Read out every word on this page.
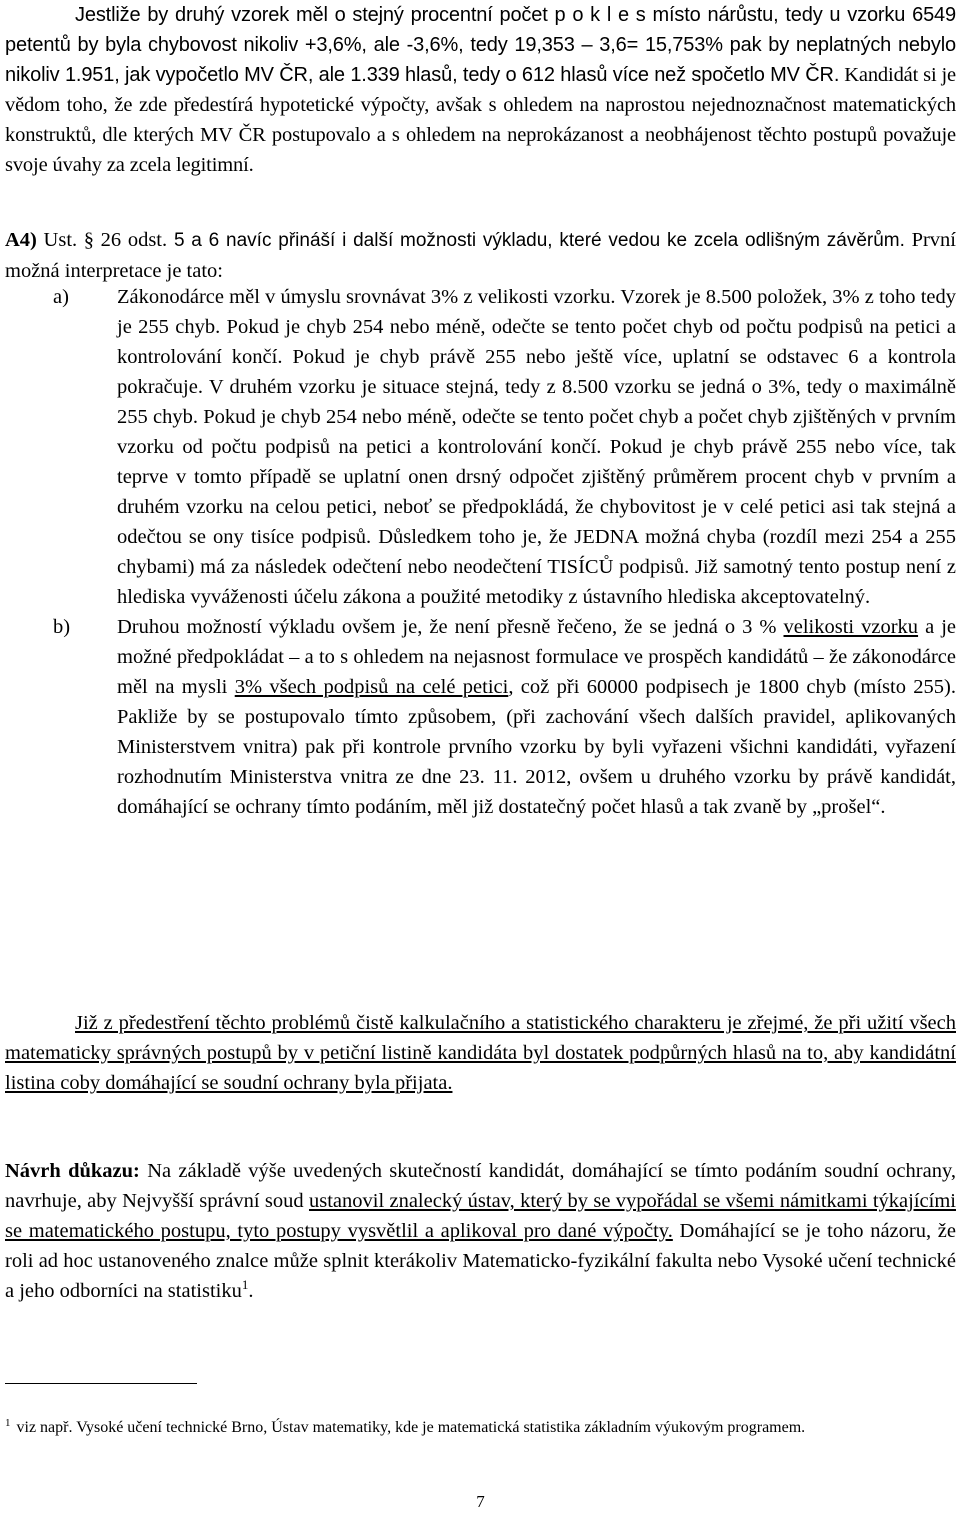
Jestliže by druhý vzorek měl o stejný procentní počet p o k l e s místo nárůstu, tedy u vzorku 6549 petentů by byla chybovost nikoliv +3,6%, ale -3,6%, tedy 19,353 – 3,6= 15,753% pak by neplatných nebylo nikoliv 1.951, jak vypočetlo MV ČR, ale 1.339 hlasů, tedy o 612 hlasů více než spočetlo MV ČR. Kandidát si je vědom toho, že zde předestírá hypotetické výpočty, avšak s ohledem na naprostou nejednoznačnost matematických konstruktů, dle kterých MV ČR postupovalo a s ohledem na neprokázanost a neobhájenost těchto postupů považuje svoje úvahy za zcela legitimní.

A4) Ust. § 26 odst. 5 a 6 navíc přináší i další možnosti výkladu, které vedou ke zcela odlišným závěrům. První možná interpretace je tato:

a) Zákonodárce měl v úmyslu srovnávat 3% z velikosti vzorku. Vzorek je 8.500 položek, 3% z toho tedy je 255 chyb. Pokud je chyb 254 nebo méně, odečte se tento počet chyb od počtu podpisů na petici a kontrolování končí. Pokud je chyb právě 255 nebo ještě více, uplatní se odstavec 6 a kontrola pokračuje. V druhém vzorku je situace stejná, tedy z 8.500 vzorku se jedná o 3%, tedy o maximálně 255 chyb. Pokud je chyb 254 nebo méně, odečte se tento počet chyb a počet chyb zjištěných v prvním vzorku od počtu podpisů na petici a kontrolování končí. Pokud je chyb právě 255 nebo více, tak teprve v tomto případě se uplatní onen drsný odpočet zjištěný průměrem procent chyb v prvním a druhém vzorku na celou petici, neboť se předpokládá, že chybovitost je v celé petici asi tak stejná a odečtou se ony tisíce podpisů. Důsledkem toho je, že JEDNA možná chyba (rozdíl mezi 254 a 255 chybami) má za následek odečtení nebo neodečtení TISÍCŮ podpisů. Již samotný tento postup není z hlediska vyváženosti účelu zákona a použité metodiky z ústavního hlediska akceptovatelný.

b) Druhou možností výkladu ovšem je, že není přesně řečeno, že se jedná o 3 % velikosti vzorku a je možné předpokládat – a to s ohledem na nejasnost formulace ve prospěch kandidátů – že zákonodárce měl na mysli 3% všech podpisů na celé petici, což při 60000 podpisech je 1800 chyb (místo 255). Pakliže by se postupovalo tímto způsobem, (při zachování všech dalších pravidel, aplikovaných Ministerstvem vnitra) pak při kontrole prvního vzorku by byli vyřazeni všichni kandidáti, vyřazení rozhodnutím Ministerstva vnitra ze dne 23. 11. 2012, ovšem u druhého vzorku by právě kandidát, domáhající se ochrany tímto podáním, měl již dostatečný počet hlasů a tak zvaně by „prošel“.

Již z předestření těchto problémů čistě kalkulačního a statistického charakteru je zřejmé, že při užití všech matematicky správných postupů by v petiční listině kandidáta byl dostatek podpůrných hlasů na to, aby kandidátní listina coby domáhající se soudní ochrany byla přijata.

Návrh důkazu: Na základě výše uvedených skutečností kandidát, domáhající se tímto podáním soudní ochrany, navrhuje, aby Nejvyšší správní soud ustanovil znalecký ústav, který by se vypořádal se všemi námitkami týkajícími se matematického postupu, tyto postupy vysvětlil a aplikoval pro dané výpočty. Domáhající se je toho názoru, že roli ad hoc ustanoveného znalce může splnit kterákoliv Matematicko-fyzikální fakulta nebo Vysoké učení technické a jeho odborníci na statistiku$^1$.

$^1$ viz např. Vysoké učení technické Brno, Ústav matematiky, kde je matematická statistika základním výukovým programem.
7
